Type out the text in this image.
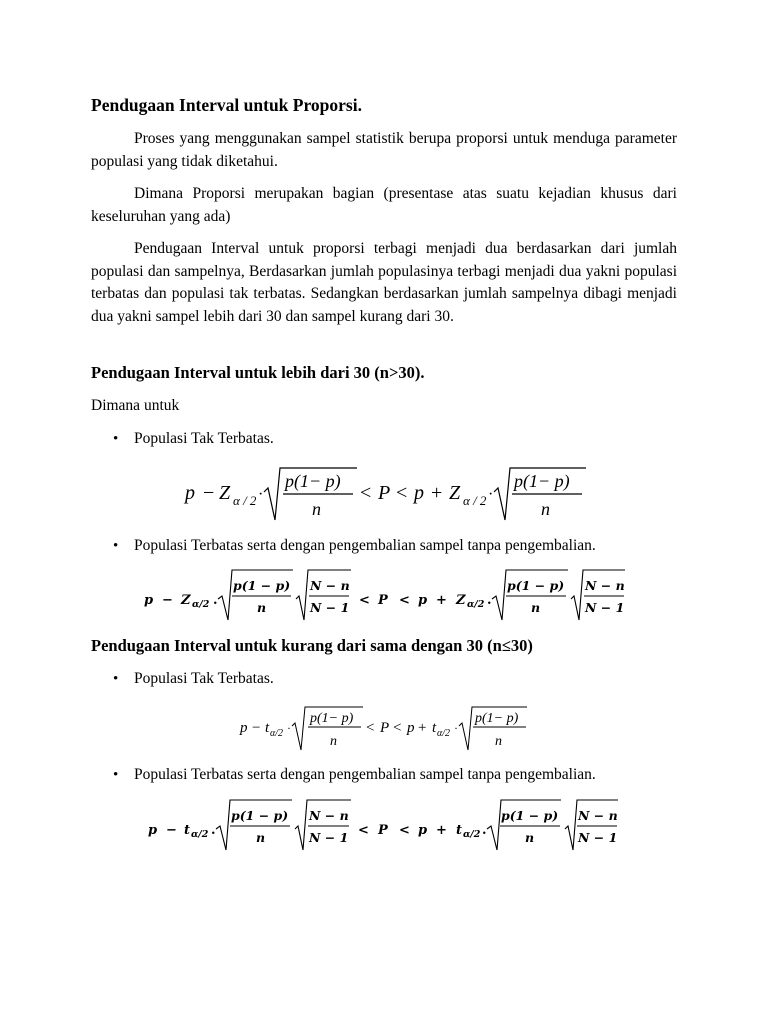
Pendugaan Interval untuk Proporsi.

Proses yang menggunakan sampel statistik berupa proporsi untuk menduga parameter populasi yang tidak diketahui.

Dimana Proporsi merupakan bagian (presentase atas suatu kejadian khusus dari keseluruhan yang ada)

Pendugaan Interval untuk proporsi terbagi menjadi dua berdasarkan dari jumlah populasi dan sampelnya, Berdasarkan jumlah populasinya terbagi menjadi dua yakni populasi terbatas dan populasi tak terbatas. Sedangkan berdasarkan jumlah sampelnya dibagi menjadi dua yakni sampel lebih dari 30 dan sampel kurang dari 30.

Pendugaan Interval untuk lebih dari 30 (n>30).

Dimana untuk

• Populasi Tak Terbatas.

p − Z α / 2 ·
p(1− p)
n
< P < p + Z α / 2 ·
p(1− p)
n

• Populasi Terbatas serta dengan pengembalian sampel tanpa pengembalian.

p − Z α/2 .
p(1 − p)
n
N − n
N − 1 < P < p + Z α/2 .
p(1 − p)
n
N − n
N − 1
Pendugaan Interval untuk kurang dari sama dengan 30 (n≤30)

• Populasi Tak Terbatas.

p − t α/2 ·
p(1− p)
n
< P < p + t α/2 ·
p(1− p)
n

• Populasi Terbatas serta dengan pengembalian sampel tanpa pengembalian.

p − t α/2 .
p(1 − p)
n
N − n
N − 1 < P < p + t α/2 .
p(1 − p)
n
N − n
N − 1
